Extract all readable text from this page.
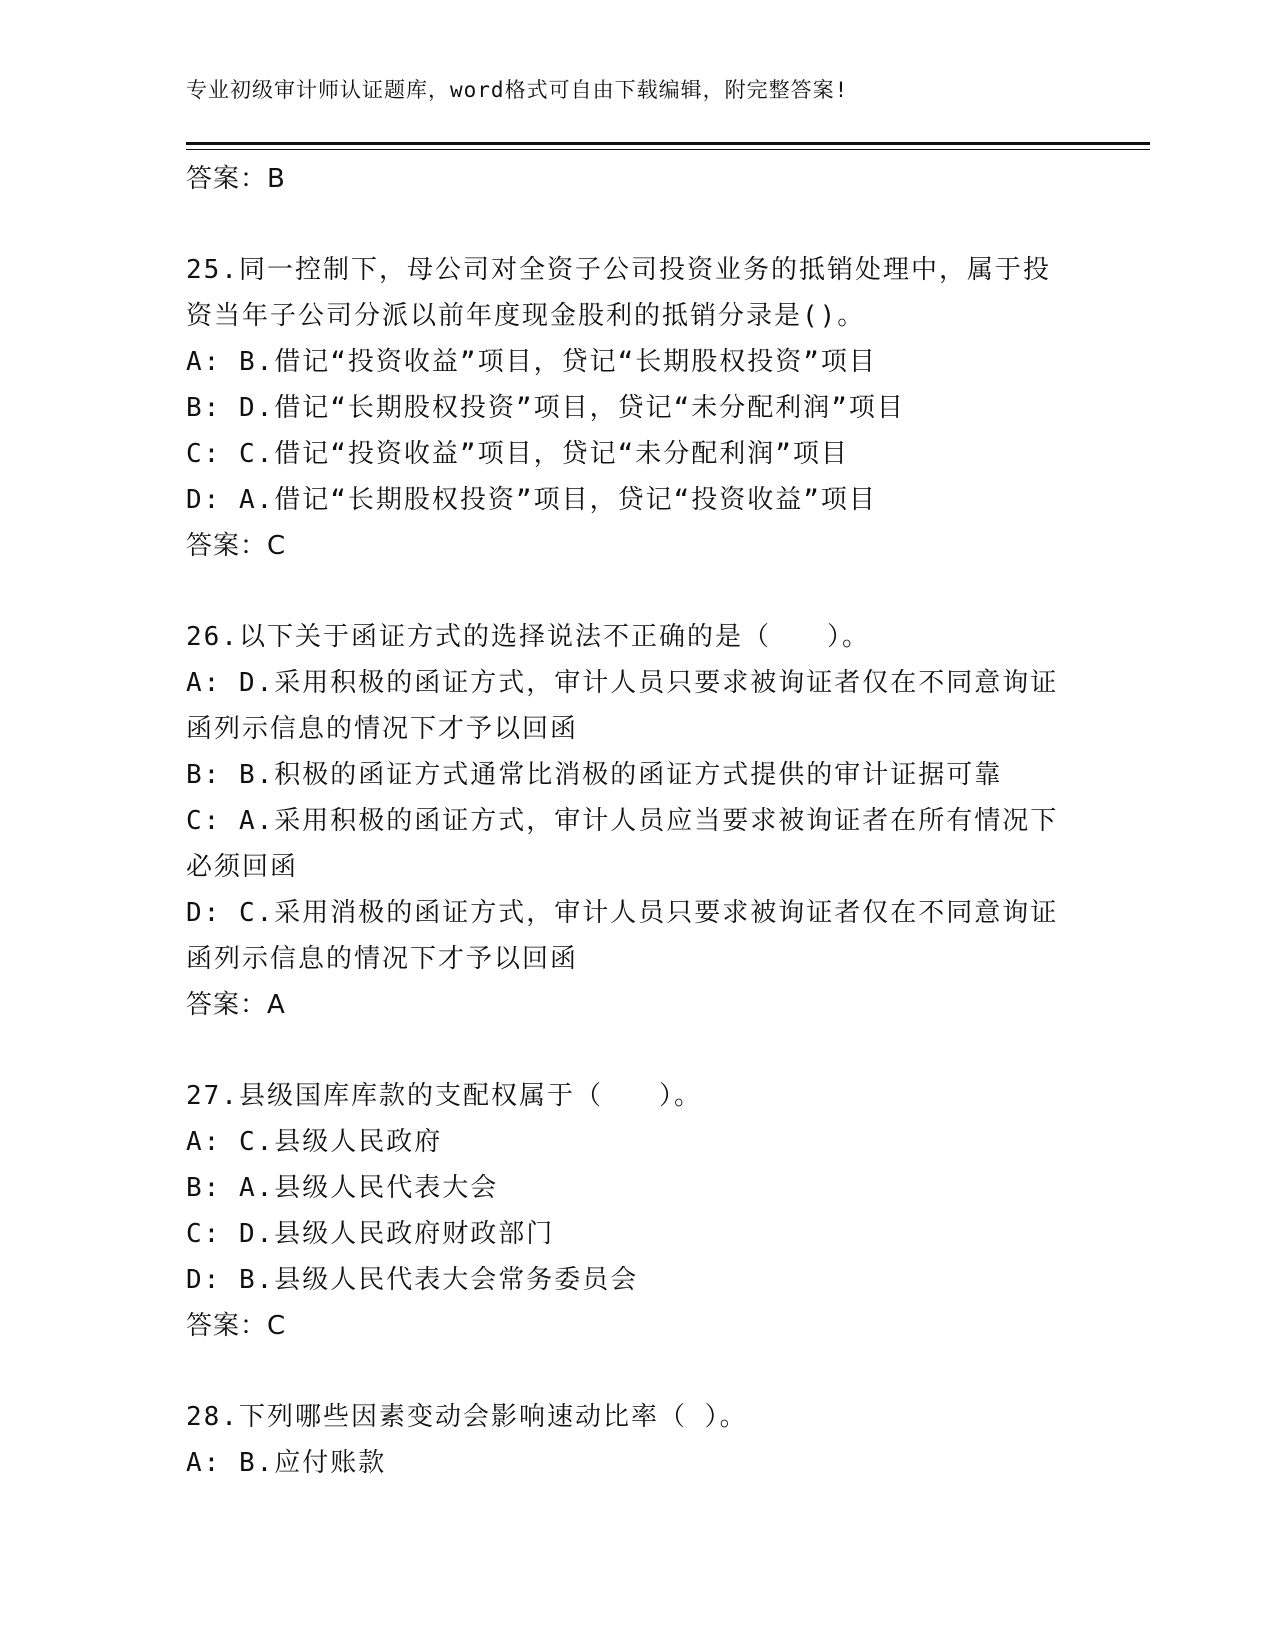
专业初级审计师认证题库，word格式可自由下载编辑，附完整答案!
答案：B
25.同一控制下，母公司对全资子公司投资业务的抵销处理中，属于投
资当年子公司分派以前年度现金股利的抵销分录是()。
A: B.借记“投资收益”项目，贷记“长期股权投资”项目
B: D.借记“长期股权投资”项目，贷记“未分配利润”项目
C: C.借记“投资收益”项目，贷记“未分配利润”项目
D: A.借记“长期股权投资”项目，贷记“投资收益”项目
答案：C
26.以下关于函证方式的选择说法不正确的是（　　）。
A: D.采用积极的函证方式，审计人员只要求被询证者仅在不同意询证
函列示信息的情况下才予以回函
B: B.积极的函证方式通常比消极的函证方式提供的审计证据可靠
C: A.采用积极的函证方式，审计人员应当要求被询证者在所有情况下
必须回函
D: C.采用消极的函证方式，审计人员只要求被询证者仅在不同意询证
函列示信息的情况下才予以回函
答案：A
27.县级国库库款的支配权属于（　　）。
A: C.县级人民政府
B: A.县级人民代表大会
C: D.县级人民政府财政部门
D: B.县级人民代表大会常务委员会
答案：C
28.下列哪些因素变动会影响速动比率（ ）。
A: B.应付账款
